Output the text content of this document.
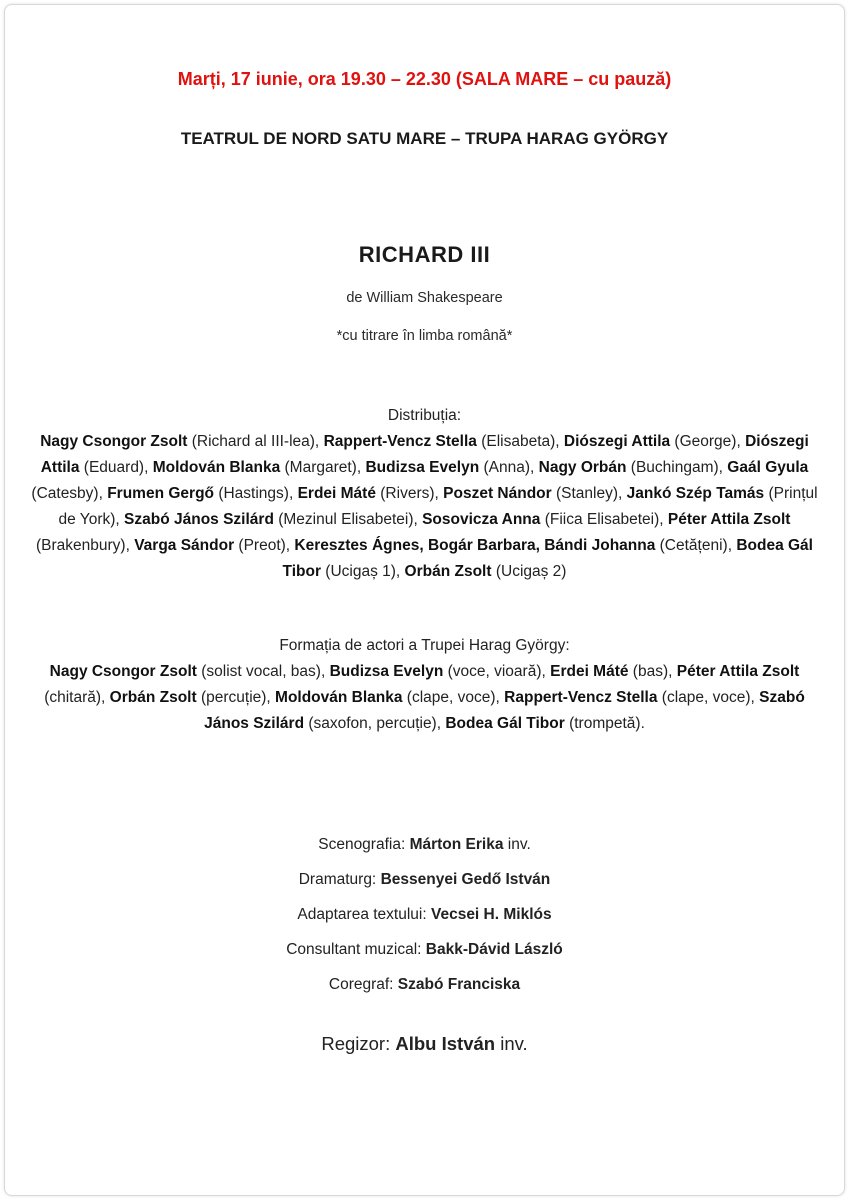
Marți, 17 iunie, ora 19.30 – 22.30 (SALA MARE – cu pauză)

TEATRUL DE NORD SATU MARE – TRUPA HARAG GYÖRGY

RICHARD III

de William Shakespeare

*cu titrare în limba română*

Distribuția:
Nagy Csongor Zsolt (Richard al III-lea), Rappert-Vencz Stella (Elisabeta), Diószegi Attila (George), Diószegi Attila (Eduard), Moldován Blanka (Margaret), Budizsa Evelyn (Anna), Nagy Orbán (Buchingam), Gaál Gyula (Catesby), Frumen Gergő (Hastings), Erdei Máté (Rivers), Poszet Nándor (Stanley), Jankó Szép Tamás (Prințul de York), Szabó János Szilárd (Mezinul Elisabetei), Sosovicza Anna (Fiica Elisabetei), Péter Attila Zsolt (Brakenbury), Varga Sándor (Preot), Keresztes Ágnes, Bogár Barbara, Bándi Johanna (Cetățeni), Bodea Gál Tibor (Ucigaș 1), Orbán Zsolt (Ucigaș 2)
Formația de actori a Trupei Harag György:
Nagy Csongor Zsolt (solist vocal, bas), Budizsa Evelyn (voce, vioară), Erdei Máté (bas), Péter Attila Zsolt (chitară), Orbán Zsolt (percuție), Moldován Blanka (clape, voce), Rappert-Vencz Stella (clape, voce), Szabó János Szilárd (saxofon, percuție), Bodea Gál Tibor (trompetă).
Scenografia: Márton Erika inv.
Dramaturg: Bessenyei Gedő István
Adaptarea textului: Vecsei H. Miklós
Consultant muzical: Bakk-Dávid László
Coregraf: Szabó Franciska

Regizor: Albu István inv.
